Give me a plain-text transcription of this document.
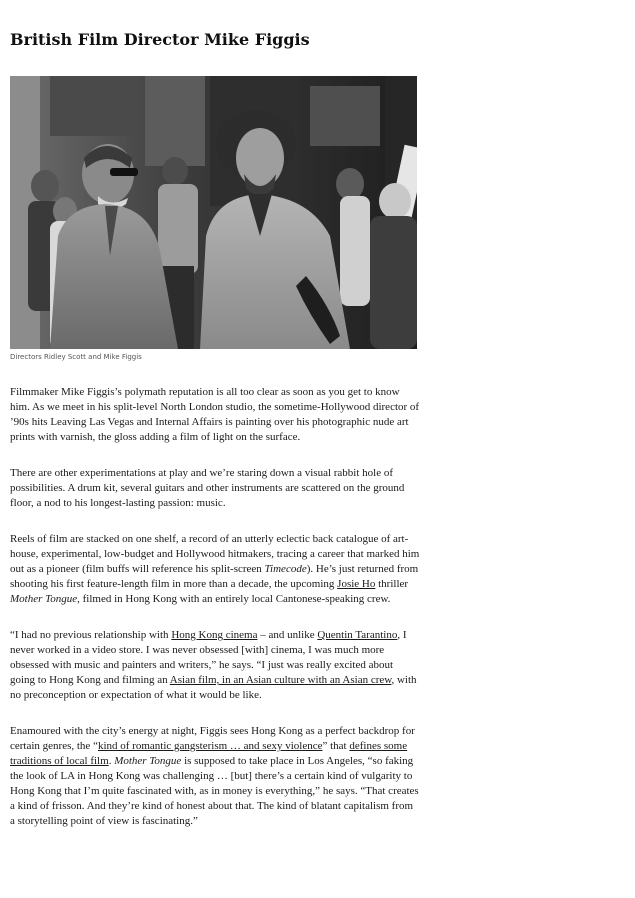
British Film Director Mike Figgis
Directors Ridley Scott and Mike Figgis

Filmmaker Mike Figgis’s polymath reputation is all too clear as soon as you get to know him. As we meet in his split-level North London studio, the sometime-Hollywood director of ’90s hits Leaving Las Vegas and Internal Affairs is painting over his photographic nude art prints with varnish, the gloss adding a film of light on the surface.

There are other experimentations at play and we’re staring down a visual rabbit hole of possibilities. A drum kit, several guitars and other instruments are scattered on the ground floor, a nod to his longest-lasting passion: music.

Reels of film are stacked on one shelf, a record of an utterly eclectic back catalogue of art-house, experimental, low-budget and Hollywood hitmakers, tracing a career that marked him out as a pioneer (film buffs will reference his split-screen Timecode). He’s just returned from shooting his first feature-length film in more than a decade, the upcoming Josie Ho thriller Mother Tongue, filmed in Hong Kong with an entirely local Cantonese-speaking crew.

“I had no previous relationship with Hong Kong cinema – and unlike Quentin Tarantino, I never worked in a video store. I was never obsessed [with] cinema, I was much more obsessed with music and painters and writers,” he says. “I just was really excited about going to Hong Kong and filming an Asian film, in an Asian culture with an Asian crew, with no preconception or expectation of what it would be like.

Enamoured with the city’s energy at night, Figgis sees Hong Kong as a perfect backdrop for certain genres, the “kind of romantic gangsterism … and sexy violence” that defines some traditions of local film. Mother Tongue is supposed to take place in Los Angeles, “so faking the look of LA in Hong Kong was challenging … [but] there’s a certain kind of vulgarity to Hong Kong that I’m quite fascinated with, as in money is everything,” he says. “That creates a kind of frisson. And they’re kind of honest about that. The kind of blatant capitalism from a storytelling point of view is fascinating.”
